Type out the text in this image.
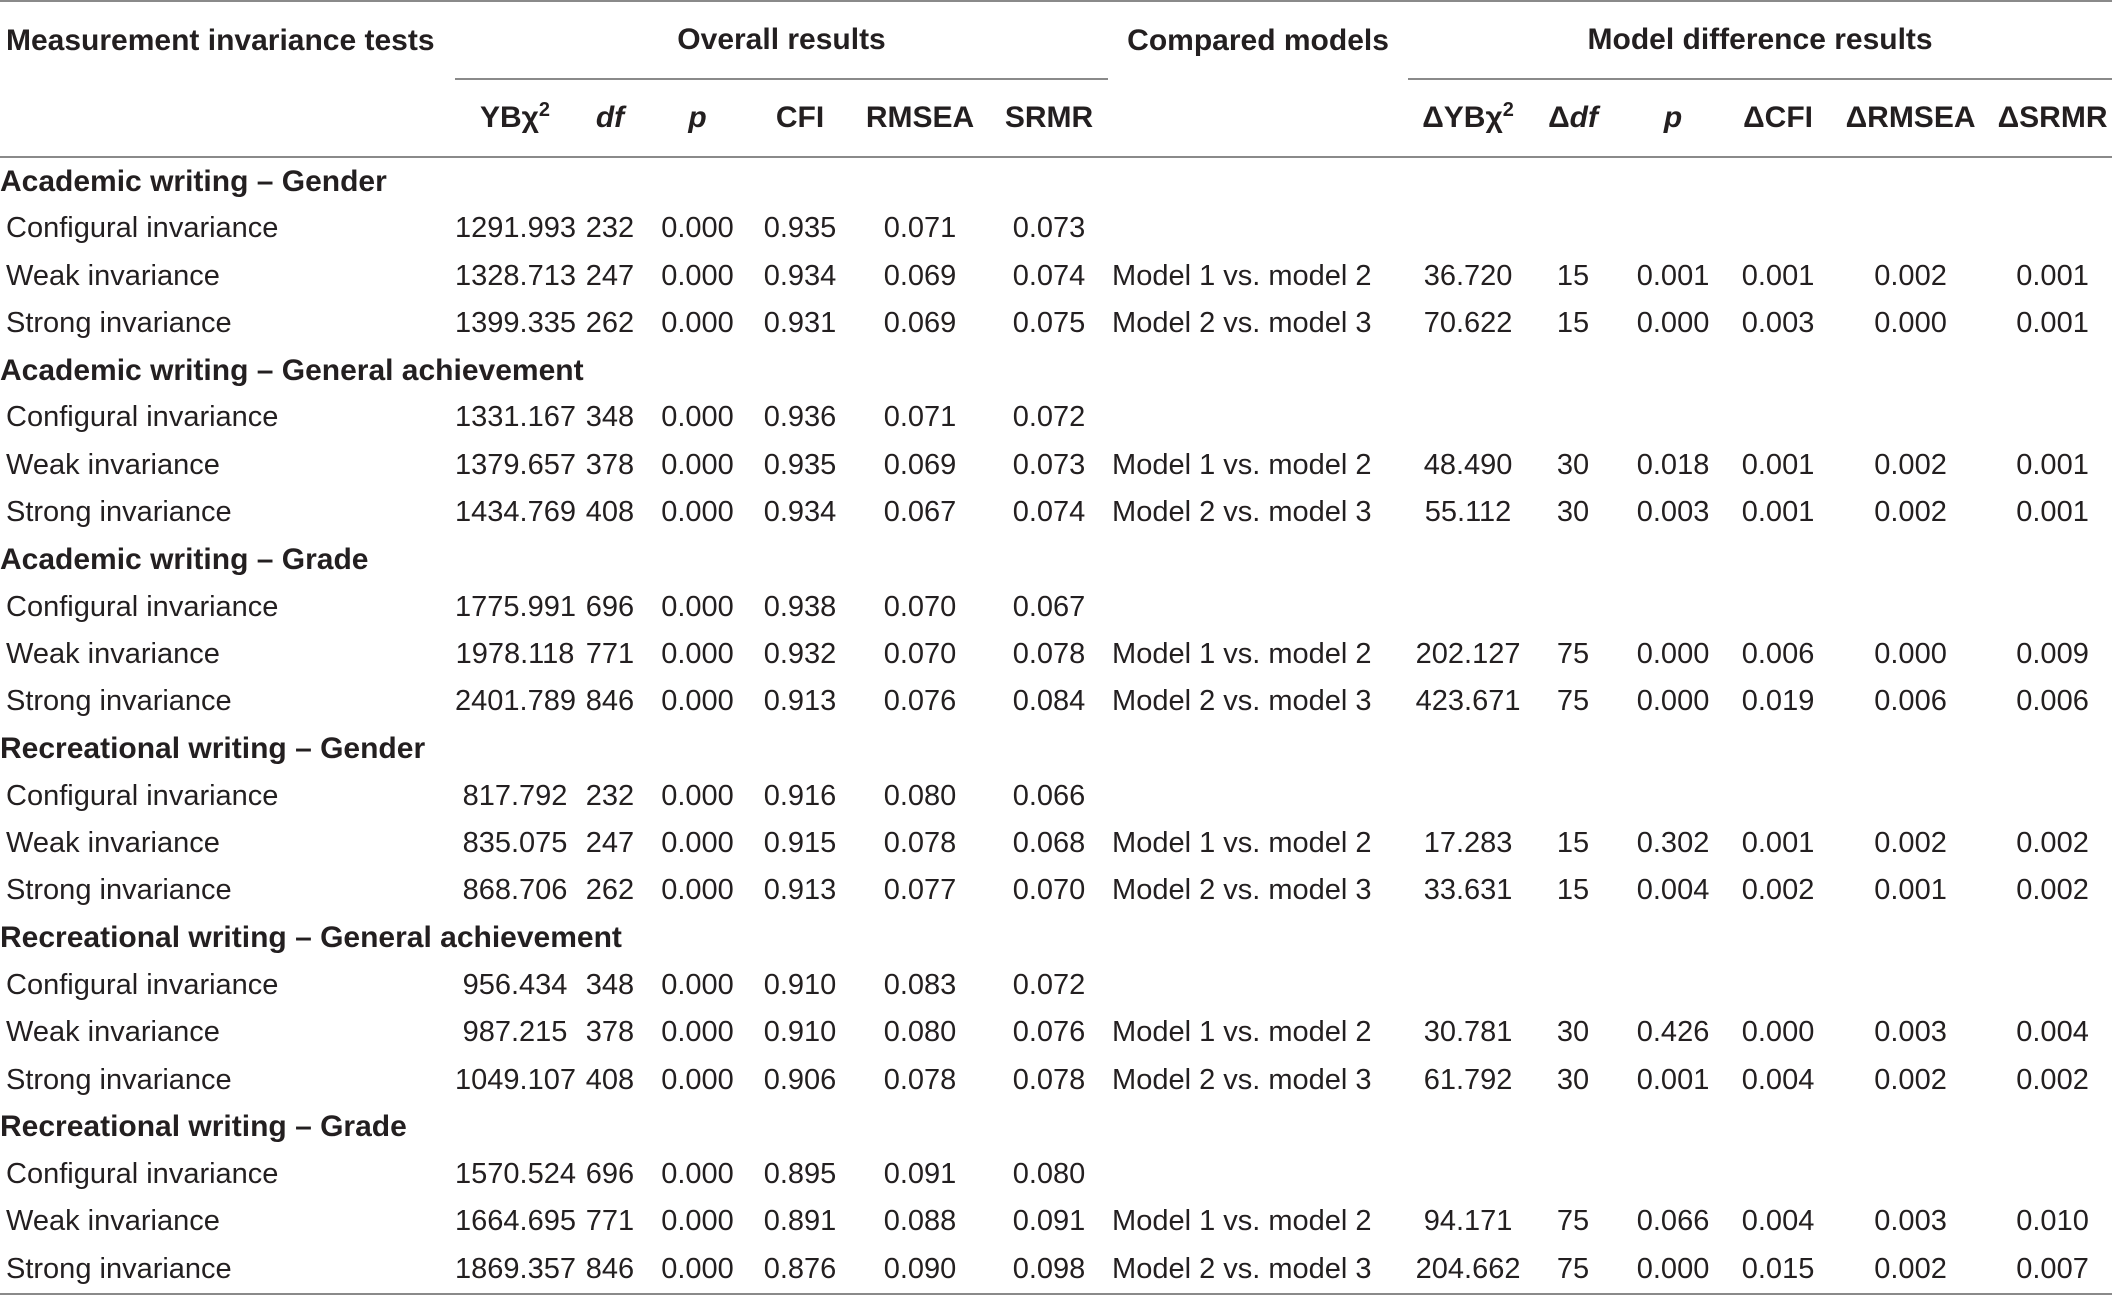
Measurement invariance tests	Overall results						Compared models	Model difference results					
	YBχ$^2$	df	p	CFI	RMSEA	SRMR		ΔYBχ$^2$	Δdf	p	ΔCFI	ΔRMSEA	ΔSRMR
Academic writing – Gender													
Configural invariance	1291.993	232	0.000	0.935	0.071	0.073							
Weak invariance	1328.713	247	0.000	0.934	0.069	0.074	Model 1 vs. model 2	36.720	15	0.001	0.001	0.002	0.001
Strong invariance	1399.335	262	0.000	0.931	0.069	0.075	Model 2 vs. model 3	70.622	15	0.000	0.003	0.000	0.001
Academic writing – General achievement													
Configural invariance	1331.167	348	0.000	0.936	0.071	0.072							
Weak invariance	1379.657	378	0.000	0.935	0.069	0.073	Model 1 vs. model 2	48.490	30	0.018	0.001	0.002	0.001
Strong invariance	1434.769	408	0.000	0.934	0.067	0.074	Model 2 vs. model 3	55.112	30	0.003	0.001	0.002	0.001
Academic writing – Grade													
Configural invariance	1775.991	696	0.000	0.938	0.070	0.067							
Weak invariance	1978.118	771	0.000	0.932	0.070	0.078	Model 1 vs. model 2	202.127	75	0.000	0.006	0.000	0.009
Strong invariance	2401.789	846	0.000	0.913	0.076	0.084	Model 2 vs. model 3	423.671	75	0.000	0.019	0.006	0.006
Recreational writing – Gender													
Configural invariance	817.792	232	0.000	0.916	0.080	0.066							
Weak invariance	835.075	247	0.000	0.915	0.078	0.068	Model 1 vs. model 2	17.283	15	0.302	0.001	0.002	0.002
Strong invariance	868.706	262	0.000	0.913	0.077	0.070	Model 2 vs. model 3	33.631	15	0.004	0.002	0.001	0.002
Recreational writing – General achievement													
Configural invariance	956.434	348	0.000	0.910	0.083	0.072							
Weak invariance	987.215	378	0.000	0.910	0.080	0.076	Model 1 vs. model 2	30.781	30	0.426	0.000	0.003	0.004
Strong invariance	1049.107	408	0.000	0.906	0.078	0.078	Model 2 vs. model 3	61.792	30	0.001	0.004	0.002	0.002
Recreational writing – Grade													
Configural invariance	1570.524	696	0.000	0.895	0.091	0.080							
Weak invariance	1664.695	771	0.000	0.891	0.088	0.091	Model 1 vs. model 2	94.171	75	0.066	0.004	0.003	0.010
Strong invariance	1869.357	846	0.000	0.876	0.090	0.098	Model 2 vs. model 3	204.662	75	0.000	0.015	0.002	0.007
